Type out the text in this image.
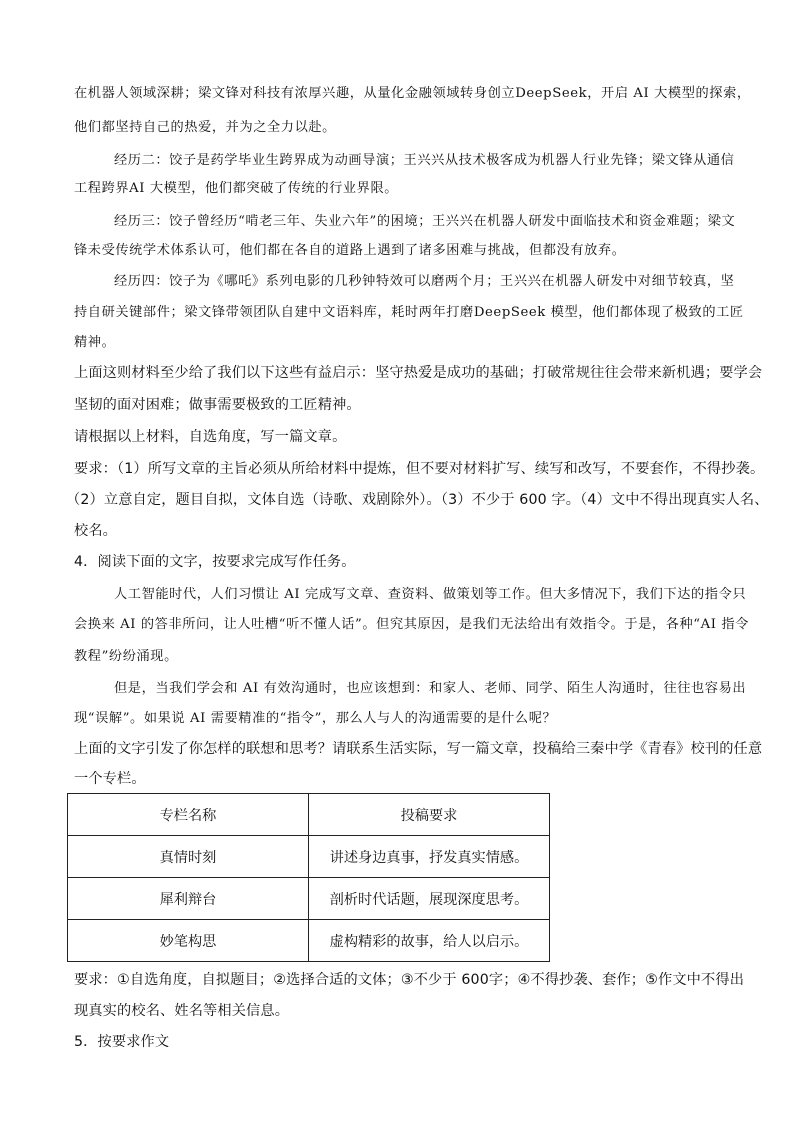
在机器人领域深耕；梁文锋对科技有浓厚兴趣，从量化金融领域转身创立DeepSeek，开启 AI 大模型的探索，
他们都坚持自己的热爱，并为之全力以赴。
经历二：饺子是药学毕业生跨界成为动画导演；王兴兴从技术极客成为机器人行业先锋；梁文锋从通信
工程跨界AI 大模型，他们都突破了传统的行业界限。
经历三：饺子曾经历“啃老三年、失业六年”的困境；王兴兴在机器人研发中面临技术和资金难题；梁文
锋未受传统学术体系认可，他们都在各自的道路上遇到了诸多困难与挑战，但都没有放弃。
经历四：饺子为《哪吒》系列电影的几秒钟特效可以磨两个月；王兴兴在机器人研发中对细节较真，坚
持自研关键部件；梁文锋带领团队自建中文语料库，耗时两年打磨DeepSeek 模型，他们都体现了极致的工匠
精神。
上面这则材料至少给了我们以下这些有益启示：坚守热爱是成功的基础；打破常规往往会带来新机遇；要学会
坚韧的面对困难；做事需要极致的工匠精神。
请根据以上材料，自选角度，写一篇文章。
要求：（1）所写文章的主旨必须从所给材料中提炼，但不要对材料扩写、续写和改写，不要套作，不得抄袭。
（2）立意自定，题目自拟，文体自选（诗歌、戏剧除外）。（3）不少于 600 字。（4）文中不得出现真实人名、
校名。
4．阅读下面的文字，按要求完成写作任务。
人工智能时代，人们习惯让 AI 完成写文章、查资料、做策划等工作。但大多情况下，我们下达的指令只
会换来 AI 的答非所问，让人吐槽“听不懂人话”。但究其原因，是我们无法给出有效指令。于是，各种“AI 指令
教程”纷纷涌现。
但是，当我们学会和 AI 有效沟通时，也应该想到：和家人、老师、同学、陌生人沟通时，往往也容易出
现“误解”。如果说 AI 需要精准的“指令”，那么人与人的沟通需要的是什么呢？
上面的文字引发了你怎样的联想和思考？请联系生活实际，写一篇文章，投稿给三秦中学《青春》校刊的任意
一个专栏。
专栏名称	投稿要求
真情时刻	讲述身边真事，抒发真实情感。
犀利辩台	剖析时代话题，展现深度思考。
妙笔构思	虚构精彩的故事，给人以启示。
要求：①自选角度，自拟题目；②选择合适的文体；③不少于 600字；④不得抄袭、套作；⑤作文中不得出
现真实的校名、姓名等相关信息。
5．按要求作文
